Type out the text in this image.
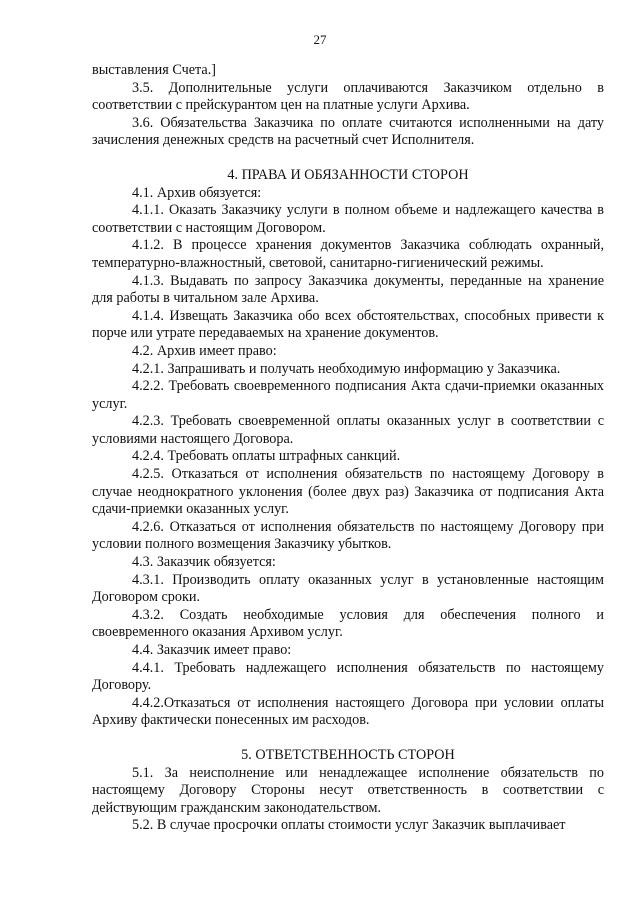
27

выставления Счета.]

3.5. Дополнительные услуги оплачиваются Заказчиком отдельно в соответствии с прейскурантом цен на платные услуги Архива.

3.6. Обязательства Заказчика по оплате считаются исполненными на дату зачисления денежных средств на расчетный счет Исполнителя.

4. ПРАВА И ОБЯЗАННОСТИ СТОРОН

4.1. Архив обязуется:

4.1.1. Оказать Заказчику услуги в полном объеме и надлежащего качества в соответствии с настоящим Договором.

4.1.2. В процессе хранения документов Заказчика соблюдать охранный, температурно-влажностный, световой, санитарно-гигиенический режимы.

4.1.3. Выдавать по запросу Заказчика документы, переданные на хранение для работы в читальном зале Архива.

4.1.4. Извещать Заказчика обо всех обстоятельствах, способных привести к порче или утрате передаваемых на хранение документов.

4.2. Архив имеет право:

4.2.1. Запрашивать и получать необходимую информацию у Заказчика.

4.2.2. Требовать своевременного подписания Акта сдачи-приемки оказанных услуг.

4.2.3. Требовать своевременной оплаты оказанных услуг в соответствии с условиями настоящего Договора.

4.2.4. Требовать оплаты штрафных санкций.

4.2.5. Отказаться от исполнения обязательств по настоящему Договору в случае неоднократного уклонения (более двух раз) Заказчика от подписания Акта сдачи-приемки оказанных услуг.

4.2.6. Отказаться от исполнения обязательств по настоящему Договору при условии полного возмещения Заказчику убытков.

4.3. Заказчик обязуется:

4.3.1. Производить оплату оказанных услуг в установленные настоящим Договором сроки.

4.3.2. Создать необходимые условия для обеспечения полного и своевременного оказания Архивом услуг.

4.4. Заказчик имеет право:

4.4.1. Требовать надлежащего исполнения обязательств по настоящему Договору.

4.4.2.Отказаться от исполнения настоящего Договора при условии оплаты Архиву фактически понесенных им расходов.

5. ОТВЕТСТВЕННОСТЬ СТОРОН

5.1. За неисполнение или ненадлежащее исполнение обязательств по настоящему Договору Стороны несут ответственность в соответствии с действующим гражданским законодательством.

5.2. В случае просрочки оплаты стоимости услуг Заказчик выплачивает
